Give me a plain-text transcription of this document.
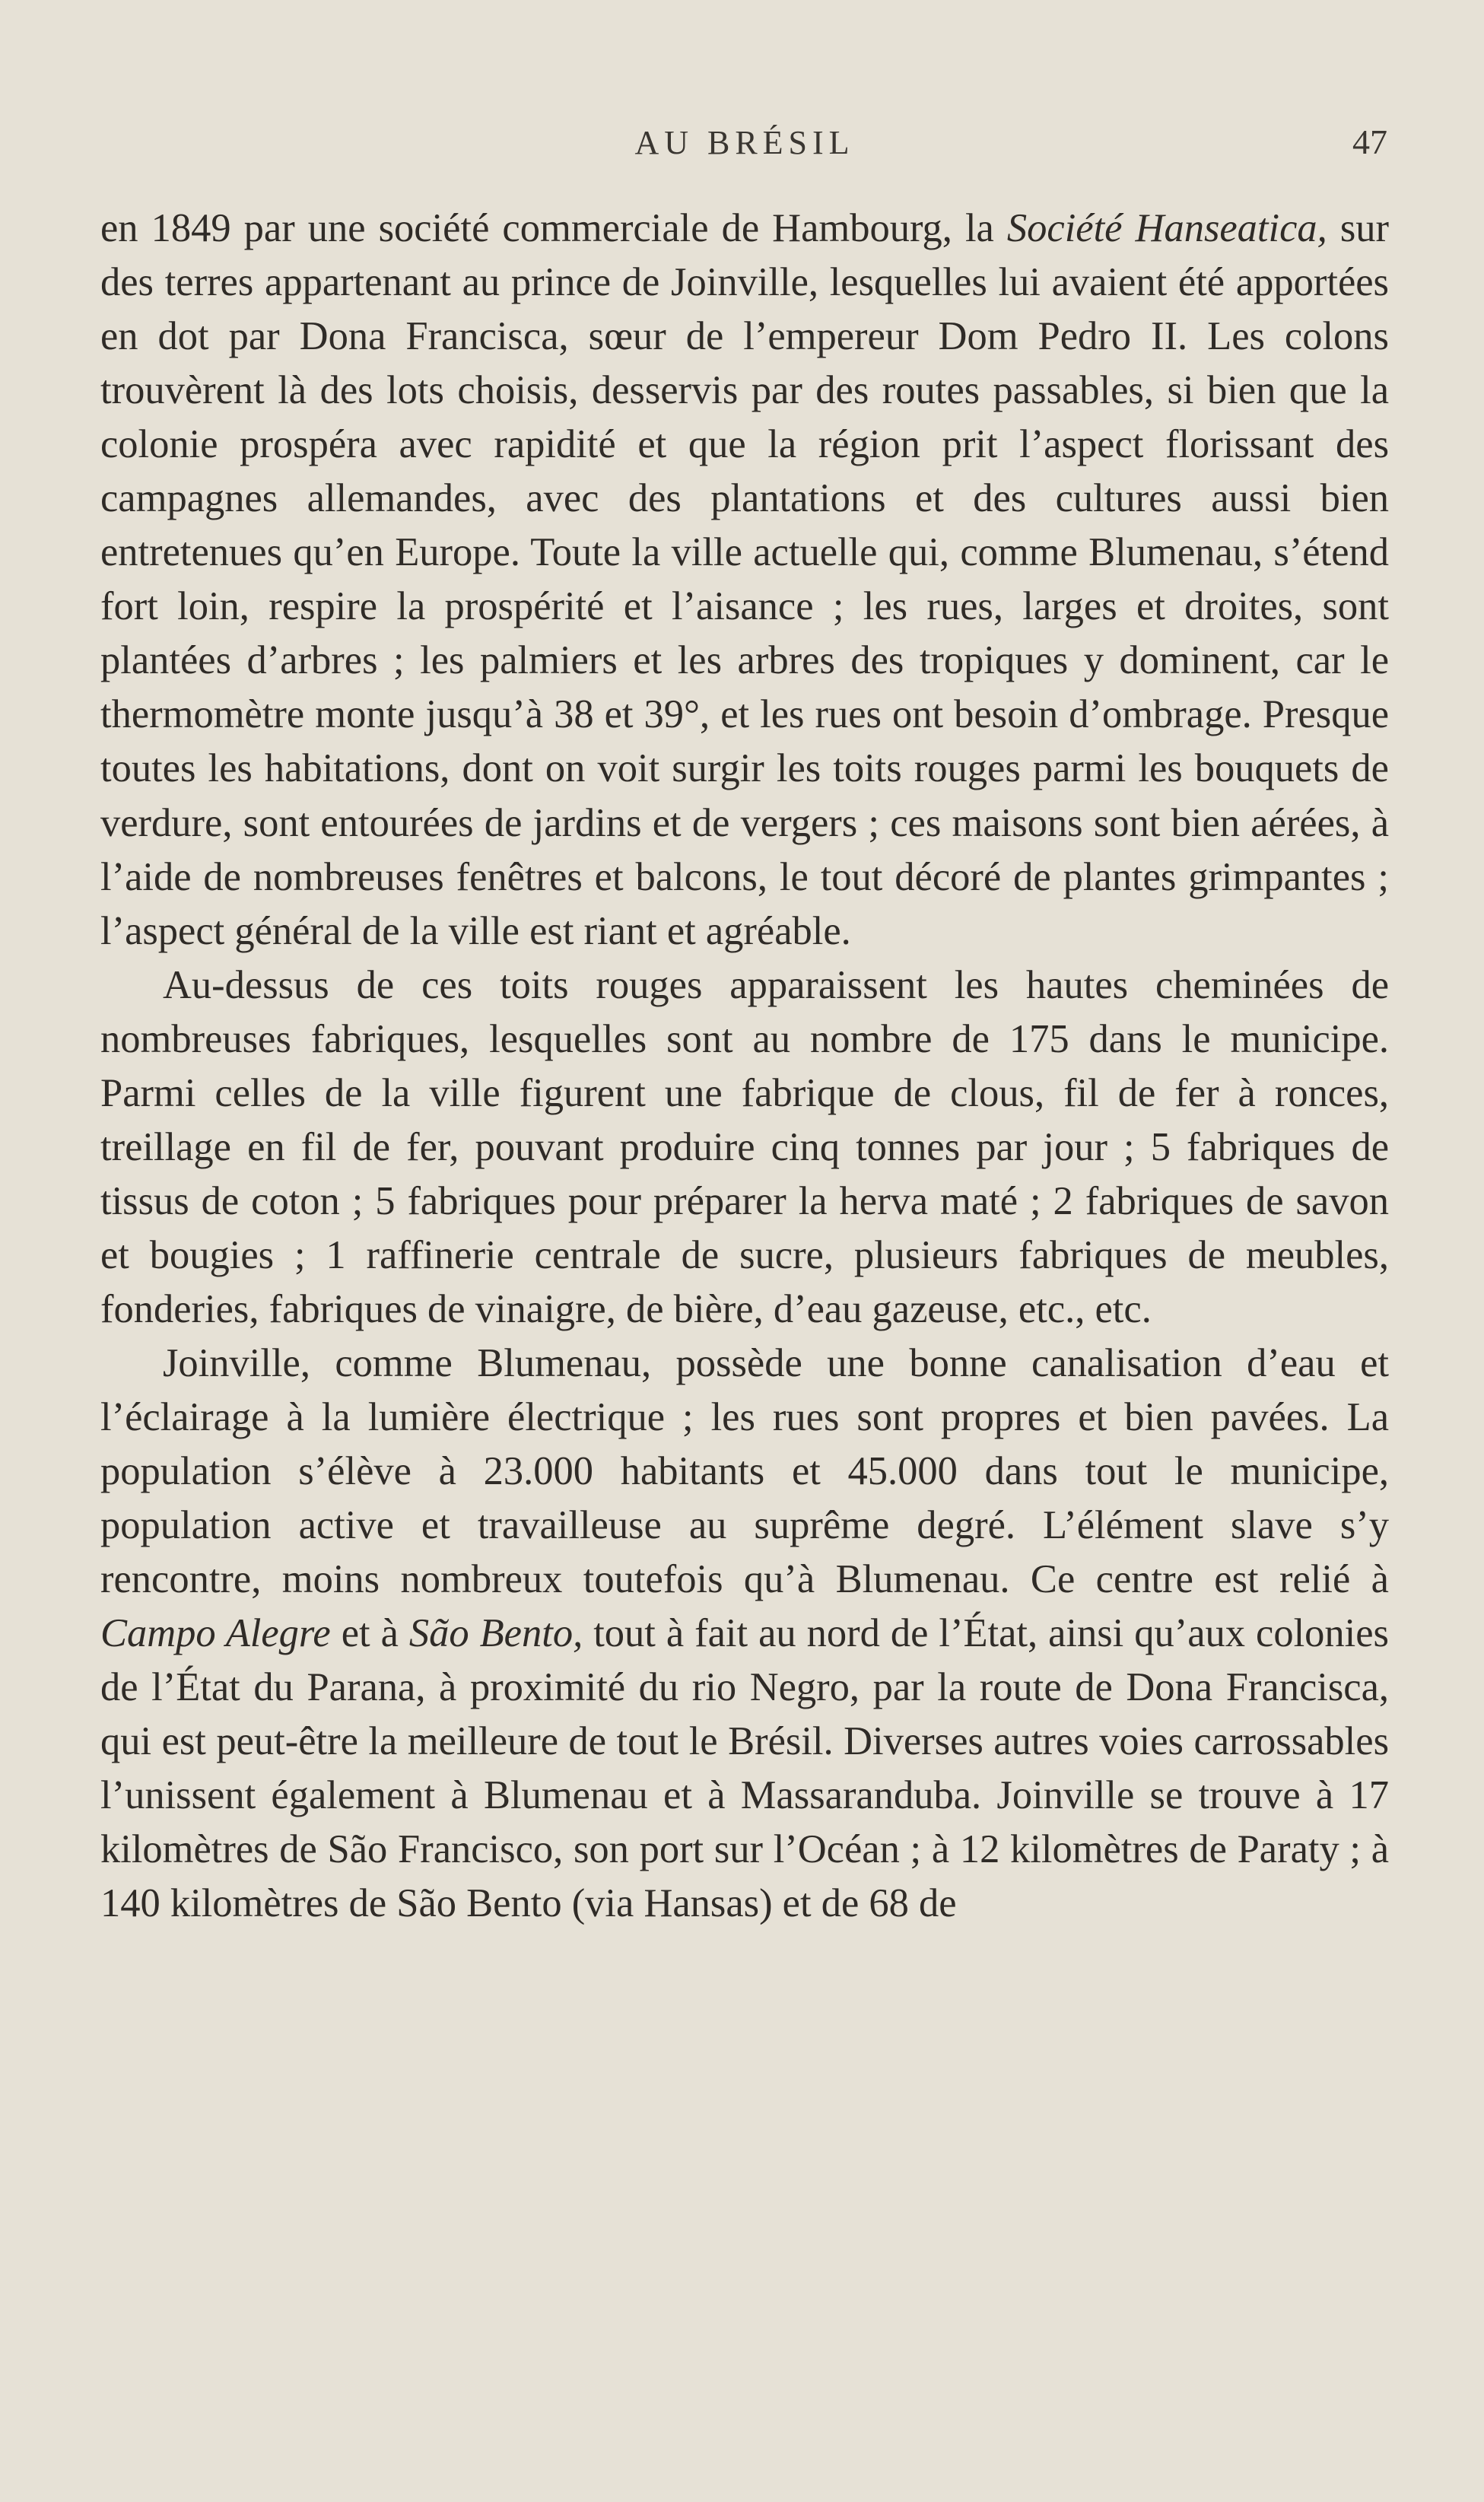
AU BRÉSIL	47

en 1849 par une société commerciale de Hambourg, la Société Hanseatica, sur des terres appartenant au prince de Joinville, lesquelles lui avaient été apportées en dot par Dona Francisca, sœur de l’empereur Dom Pedro II. Les colons trouvèrent là des lots choisis, desservis par des routes passables, si bien que la colonie prospéra avec rapidité et que la région prit l’aspect florissant des campagnes allemandes, avec des plantations et des cultures aussi bien entretenues qu’en Europe. Toute la ville actuelle qui, comme Blumenau, s’étend fort loin, respire la prospérité et l’aisance ; les rues, larges et droites, sont plantées d’arbres ; les palmiers et les arbres des tropiques y dominent, car le thermomètre monte jusqu’à 38 et 39°, et les rues ont besoin d’ombrage. Presque toutes les habitations, dont on voit surgir les toits rouges parmi les bouquets de verdure, sont entourées de jardins et de vergers ; ces maisons sont bien aérées, à l’aide de nombreuses fenêtres et balcons, le tout décoré de plantes grimpantes ; l’aspect général de la ville est riant et agréable.

Au-dessus de ces toits rouges apparaissent les hautes cheminées de nombreuses fabriques, lesquelles sont au nombre de 175 dans le municipe. Parmi celles de la ville figurent une fabrique de clous, fil de fer à ronces, treillage en fil de fer, pouvant produire cinq tonnes par jour ; 5 fabriques de tissus de coton ; 5 fabriques pour préparer la herva maté ; 2 fabriques de savon et bougies ; 1 raffinerie centrale de sucre, plusieurs fabriques de meubles, fonderies, fabriques de vinaigre, de bière, d’eau gazeuse, etc., etc.

Joinville, comme Blumenau, possède une bonne canalisation d’eau et l’éclairage à la lumière électrique ; les rues sont propres et bien pavées. La population s’élève à 23.000 habitants et 45.000 dans tout le municipe, population active et travailleuse au suprême degré. L’élément slave s’y rencontre, moins nombreux toutefois qu’à Blumenau. Ce centre est relié à Campo Alegre et à São Bento, tout à fait au nord de l’État, ainsi qu’aux colonies de l’État du Parana, à proximité du rio Negro, par la route de Dona Francisca, qui est peut-être la meilleure de tout le Brésil. Diverses autres voies carrossables l’unissent également à Blumenau et à Massaranduba. Joinville se trouve à 17 kilomètres de São Francisco, son port sur l’Océan ; à 12 kilomètres de Paraty ; à 140 kilomètres de São Bento (via Hansas) et de 68 de
